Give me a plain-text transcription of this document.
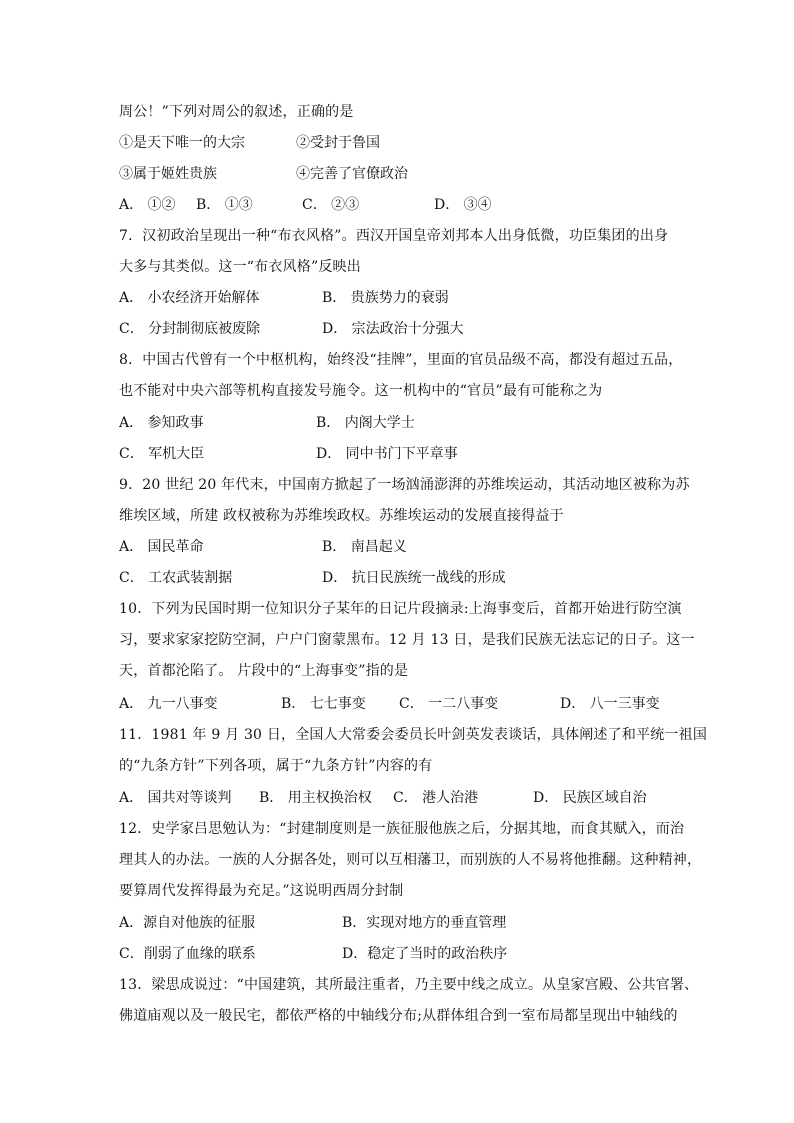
周公！”下列对周公的叙述，正确的是
①是天下唯一的大宗	②受封于鲁国
③属于姬姓贵族	④完善了官僚政治
A． ①② B． ①③	C． ②③	D． ③④
7．汉初政治呈现出一种“布衣风格”。西汉开国皇帝刘邦本人出身低微，功臣集团的出身
大多与其类似。这一“布衣风格”反映出
A． 小农经济开始解体	B． 贵族势力的衰弱
C． 分封制彻底被废除	D． 宗法政治十分强大
8．中国古代曾有一个中枢机构，始终没“挂牌”，里面的官员品级不高，都没有超过五品，
也不能对中央六部等机构直接发号施令。这一机构中的“官员”最有可能称之为
A． 参知政事	B． 内阁大学士
C． 军机大臣	D． 同中书门下平章事
9．20 世纪 20 年代末，中国南方掀起了一场汹涌澎湃的苏维埃运动，其活动地区被称为苏
维埃区域，所建 政权被称为苏维埃政权。苏维埃运动的发展直接得益于
A． 国民革命	B． 南昌起义
C． 工农武装割据	D． 抗日民族统一战线的形成
10．下列为民国时期一位知识分子某年的日记片段摘录:上海事变后，首都开始进行防空演
习，要求家家挖防空洞，户户门窗蒙黑布。12 月 13 日，是我们民族无法忘记的日子。这一
天，首都沦陷了。 片段中的“上海事变”指的是
A． 九一八事变	B． 七七事变 C． 一二八事变	D． 八一三事变
11．1981 年 9 月 30 日，全国人大常委会委员长叶剑英发表谈话，具体阐述了和平统一祖国
的“九条方针”下列各项，属于“九条方针”内容的有
A． 国共对等谈判 B． 用主权换治权 C． 港人治港	D． 民族区域自治
12．史学家吕思勉认为：“封建制度则是一族征服他族之后，分据其地，而食其赋入，而治
理其人的办法。一族的人分据各处，则可以互相藩卫，而别族的人不易将他推翻。这种精神，
要算周代发挥得最为充足。”这说明西周分封制
A．源自对他族的征服	B．实现对地方的垂直管理
C．削弱了血缘的联系	D．稳定了当时的政治秩序
13．梁思成说过：“中国建筑，其所最注重者，乃主要中线之成立。从皇家宫殿、公共官署、
佛道庙观以及一般民宅，都依严格的中轴线分布;从群体组合到一室布局都呈现出中轴线的
